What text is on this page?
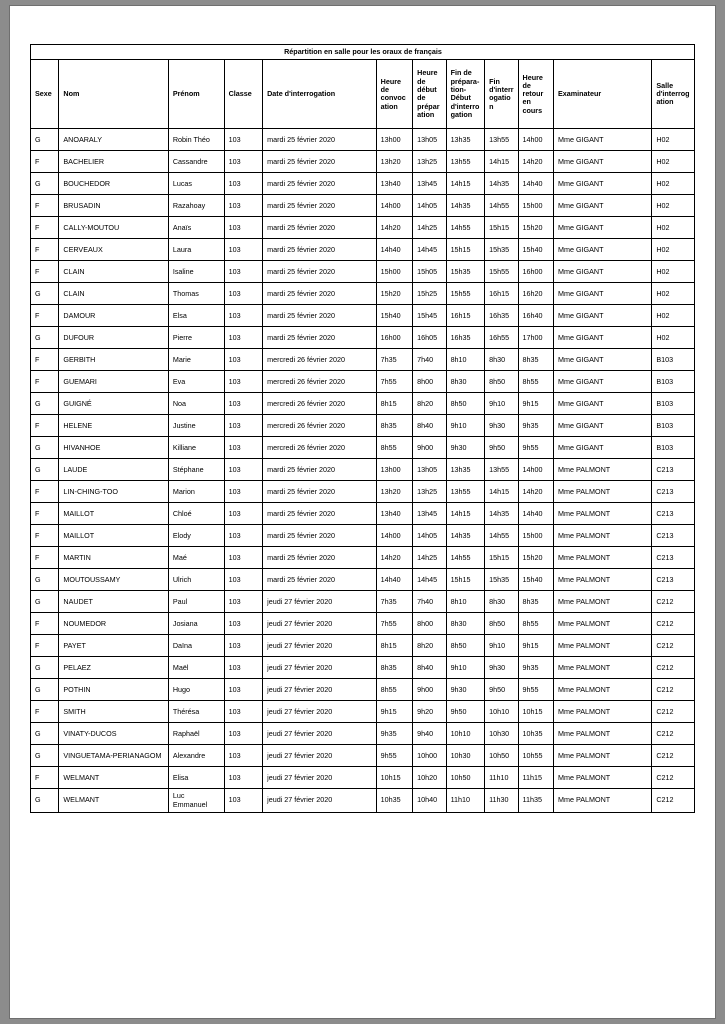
Répartition en salle pour les oraux de français											
Sexe	Nom	Prénom	Classe	Date d'interrogation	Heure de convocation	Heure de début de préparation	Fin de préparation-Début d'interrogation	Fin d'interrogation	Heure de retour en cours	Examinateur	Salle d'interrogation
G	ANOARALY	Robin Théo	103	mardi 25 février 2020	13h00	13h05	13h35	13h55	14h00	Mme GIGANT	H02
F	BACHELIER	Cassandre	103	mardi 25 février 2020	13h20	13h25	13h55	14h15	14h20	Mme GIGANT	H02
G	BOUCHEDOR	Lucas	103	mardi 25 février 2020	13h40	13h45	14h15	14h35	14h40	Mme GIGANT	H02
F	BRUSADIN	Razahoay	103	mardi 25 février 2020	14h00	14h05	14h35	14h55	15h00	Mme GIGANT	H02
F	CALLY-MOUTOU	Anaïs	103	mardi 25 février 2020	14h20	14h25	14h55	15h15	15h20	Mme GIGANT	H02
F	CERVEAUX	Laura	103	mardi 25 février 2020	14h40	14h45	15h15	15h35	15h40	Mme GIGANT	H02
F	CLAIN	Isaline	103	mardi 25 février 2020	15h00	15h05	15h35	15h55	16h00	Mme GIGANT	H02
G	CLAIN	Thomas	103	mardi 25 février 2020	15h20	15h25	15h55	16h15	16h20	Mme GIGANT	H02
F	DAMOUR	Elsa	103	mardi 25 février 2020	15h40	15h45	16h15	16h35	16h40	Mme GIGANT	H02
G	DUFOUR	Pierre	103	mardi 25 février 2020	16h00	16h05	16h35	16h55	17h00	Mme GIGANT	H02
F	GERBITH	Marie	103	mercredi 26 février 2020	7h35	7h40	8h10	8h30	8h35	Mme GIGANT	B103
F	GUEMARI	Eva	103	mercredi 26 février 2020	7h55	8h00	8h30	8h50	8h55	Mme GIGANT	B103
G	GUIGNÉ	Noa	103	mercredi 26 février 2020	8h15	8h20	8h50	9h10	9h15	Mme GIGANT	B103
F	HELENE	Justine	103	mercredi 26 février 2020	8h35	8h40	9h10	9h30	9h35	Mme GIGANT	B103
G	HIVANHOE	Killiane	103	mercredi 26 février 2020	8h55	9h00	9h30	9h50	9h55	Mme GIGANT	B103
G	LAUDE	Stéphane	103	mardi 25 février 2020	13h00	13h05	13h35	13h55	14h00	Mme PALMONT	C213
F	LIN-CHING-TOO	Marion	103	mardi 25 février 2020	13h20	13h25	13h55	14h15	14h20	Mme PALMONT	C213
F	MAILLOT	Chloé	103	mardi 25 février 2020	13h40	13h45	14h15	14h35	14h40	Mme PALMONT	C213
F	MAILLOT	Elody	103	mardi 25 février 2020	14h00	14h05	14h35	14h55	15h00	Mme PALMONT	C213
F	MARTIN	Maé	103	mardi 25 février 2020	14h20	14h25	14h55	15h15	15h20	Mme PALMONT	C213
G	MOUTOUSSAMY	Ulrich	103	mardi 25 février 2020	14h40	14h45	15h15	15h35	15h40	Mme PALMONT	C213
G	NAUDET	Paul	103	jeudi 27 février 2020	7h35	7h40	8h10	8h30	8h35	Mme PALMONT	C212
F	NOUMEDOR	Josiana	103	jeudi 27 février 2020	7h55	8h00	8h30	8h50	8h55	Mme PALMONT	C212
F	PAYET	Daïna	103	jeudi 27 février 2020	8h15	8h20	8h50	9h10	9h15	Mme PALMONT	C212
G	PELAEZ	Maël	103	jeudi 27 février 2020	8h35	8h40	9h10	9h30	9h35	Mme PALMONT	C212
G	POTHIN	Hugo	103	jeudi 27 février 2020	8h55	9h00	9h30	9h50	9h55	Mme PALMONT	C212
F	SMITH	Thérésa	103	jeudi 27 février 2020	9h15	9h20	9h50	10h10	10h15	Mme PALMONT	C212
G	VINATY-DUCOS	Raphaël	103	jeudi 27 février 2020	9h35	9h40	10h10	10h30	10h35	Mme PALMONT	C212
G	VINGUETAMA-PERIANAGOM	Alexandre	103	jeudi 27 février 2020	9h55	10h00	10h30	10h50	10h55	Mme PALMONT	C212
F	WELMANT	Elisa	103	jeudi 27 février 2020	10h15	10h20	10h50	11h10	11h15	Mme PALMONT	C212
G	WELMANT	Luc Emmanuel	103	jeudi 27 février 2020	10h35	10h40	11h10	11h30	11h35	Mme PALMONT	C212
